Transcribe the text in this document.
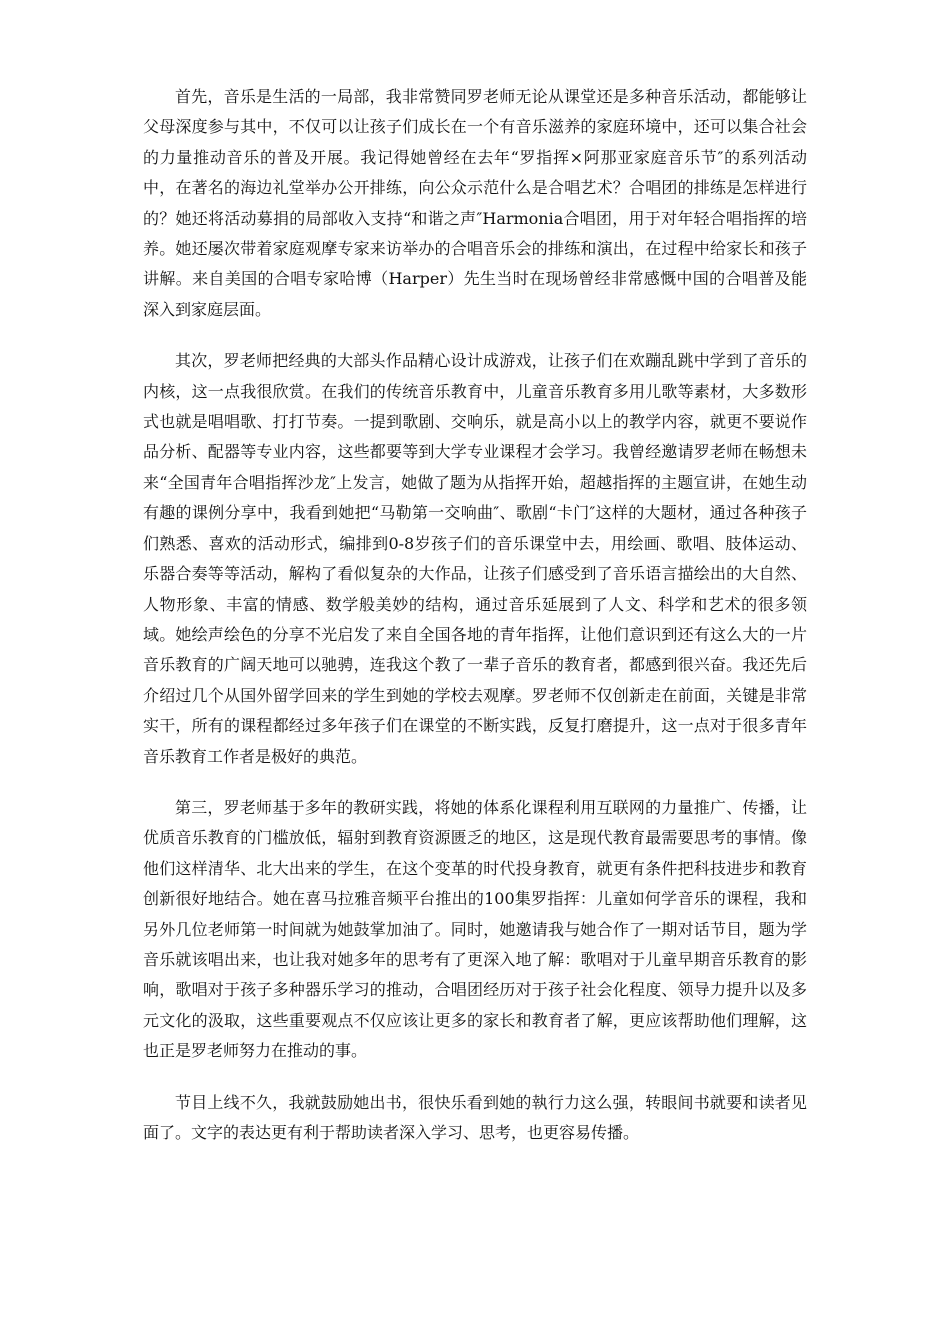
首先，音乐是生活的一局部，我非常赞同罗老师无论从课堂还是多种音乐活动，都能够让父母深度参与其中，不仅可以让孩子们成长在一个有音乐滋养的家庭环境中，还可以集合社会的力量推动音乐的普及开展。我记得她曾经在去年“罗指挥×阿那亚家庭音乐节″的系列活动中，在著名的海边礼堂举办公开排练，向公众示范什么是合唱艺术？合唱团的排练是怎样进行的？她还将活动募捐的局部收入支持“和谐之声″Harmonia合唱团，用于对年轻合唱指挥的培养。她还屡次带着家庭观摩专家来访举办的合唱音乐会的排练和演出，在过程中给家长和孩子讲解。来自美国的合唱专家哈博（Harper）先生当时在现场曾经非常感慨中国的合唱普及能深入到家庭层面。

其次，罗老师把经典的大部头作品精心设计成游戏，让孩子们在欢蹦乱跳中学到了音乐的内核，这一点我很欣赏。在我们的传统音乐教育中，儿童音乐教育多用儿歌等素材，大多数形式也就是唱唱歌、打打节奏。一提到歌剧、交响乐，就是高小以上的教学内容，就更不要说作品分析、配器等专业内容，这些都要等到大学专业课程才会学习。我曾经邀请罗老师在畅想未来“全国青年合唱指挥沙龙″上发言，她做了题为从指挥开始，超越指挥的主题宣讲，在她生动有趣的课例分享中，我看到她把“马勒第一交响曲″、歌剧“卡门″这样的大题材，通过各种孩子们熟悉、喜欢的活动形式，编排到0-8岁孩子们的音乐课堂中去，用绘画、歌唱、肢体运动、乐器合奏等等活动，解构了看似复杂的大作品，让孩子们感受到了音乐语言描绘出的大自然、人物形象、丰富的情感、数学般美妙的结构，通过音乐延展到了人文、科学和艺术的很多领域。她绘声绘色的分享不光启发了来自全国各地的青年指挥，让他们意识到还有这么大的一片音乐教育的广阔天地可以驰骋，连我这个教了一辈子音乐的教育者，都感到很兴奋。我还先后介绍过几个从国外留学回来的学生到她的学校去观摩。罗老师不仅创新走在前面，关键是非常实干，所有的课程都经过多年孩子们在课堂的不断实践，反复打磨提升，这一点对于很多青年音乐教育工作者是极好的典范。

第三，罗老师基于多年的教研实践，将她的体系化课程利用互联网的力量推广、传播，让优质音乐教育的门槛放低，辐射到教育资源匮乏的地区，这是现代教育最需要思考的事情。像他们这样清华、北大出来的学生，在这个变革的时代投身教育，就更有条件把科技进步和教育创新很好地结合。她在喜马拉雅音频平台推出的100集罗指挥：儿童如何学音乐的课程，我和另外几位老师第一时间就为她鼓掌加油了。同时，她邀请我与她合作了一期对话节目，题为学音乐就该唱出来，也让我对她多年的思考有了更深入地了解：歌唱对于儿童早期音乐教育的影响，歌唱对于孩子多种器乐学习的推动，合唱团经历对于孩子社会化程度、领导力提升以及多元文化的汲取，这些重要观点不仅应该让更多的家长和教育者了解，更应该帮助他们理解，这也正是罗老师努力在推动的事。

节目上线不久，我就鼓励她出书，很快乐看到她的執行力这么强，转眼间书就要和读者见面了。文字的表达更有利于帮助读者深入学习、思考，也更容易传播。
